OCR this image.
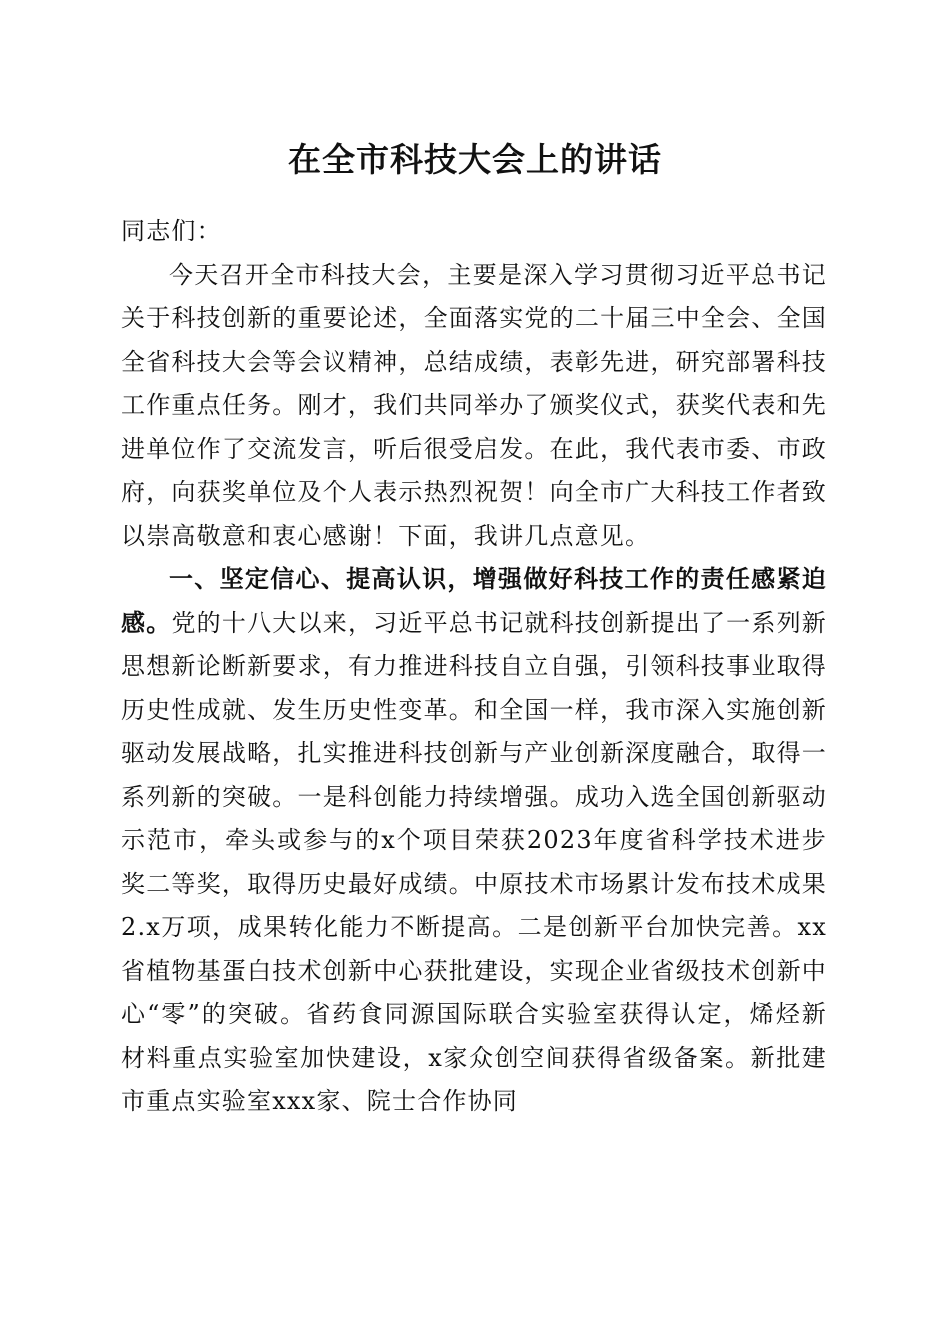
在全市科技大会上的讲话

同志们：

今天召开全市科技大会，主要是深入学习贯彻习近平总书记关于科技创新的重要论述，全面落实党的二十届三中全会、全国全省科技大会等会议精神，总结成绩，表彰先进，研究部署科技工作重点任务。刚才，我们共同举办了颁奖仪式，获奖代表和先进单位作了交流发言，听后很受启发。在此，我代表市委、市政府，向获奖单位及个人表示热烈祝贺！向全市广大科技工作者致以崇高敬意和衷心感谢！下面，我讲几点意见。

一、坚定信心、提高认识，增强做好科技工作的责任感紧迫感。党的十八大以来，习近平总书记就科技创新提出了一系列新思想新论断新要求，有力推进科技自立自强，引领科技事业取得历史性成就、发生历史性变革。和全国一样，我市深入实施创新驱动发展战略，扎实推进科技创新与产业创新深度融合，取得一系列新的突破。一是科创能力持续增强。成功入选全国创新驱动示范市，牵头或参与的x个项目荣获2023年度省科学技术进步奖二等奖，取得历史最好成绩。中原技术市场累计发布技术成果2.x万项，成果转化能力不断提高。二是创新平台加快完善。xx省植物基蛋白技术创新中心获批建设，实现企业省级技术创新中心“零”的突破。省药食同源国际联合实验室获得认定，烯烃新材料重点实验室加快建设，x家众创空间获得省级备案。新批建市重点实验室xxx家、院士合作协同
